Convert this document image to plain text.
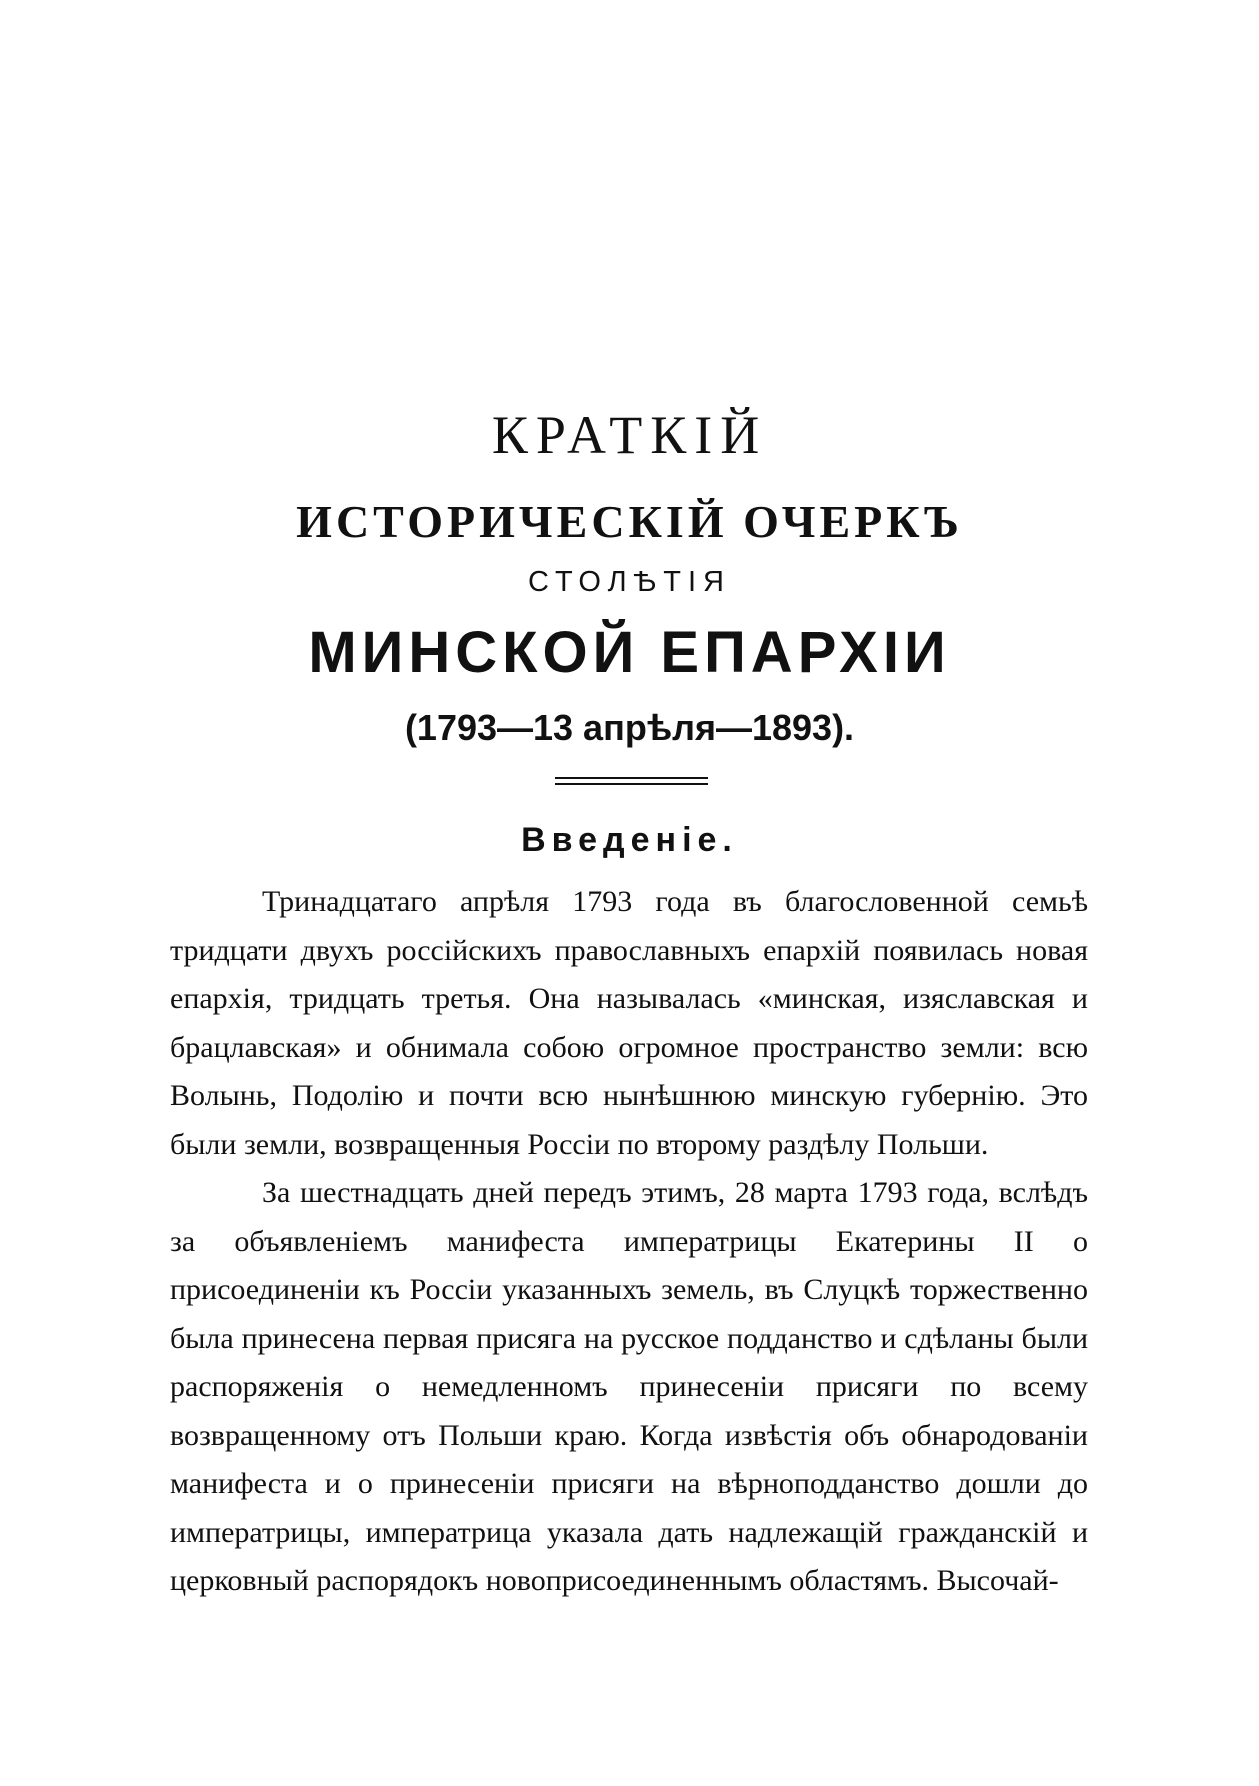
КРАТКІЙ
ИСТОРИЧЕСКІЙ ОЧЕРКЪ
СТОЛѢТІЯ
МИНСКОЙ ЕПАРХІИ
(1793—13 апрѣля—1893).
Введеніе.

Тринадцатаго апрѣля 1793 года въ благословенной семьѣ тридцати двухъ россійскихъ православныхъ епархій появилась новая епархія, тридцать третья. Она называлась «минская, изяславская и брацлавская» и обнимала собою огромное пространство земли: всю Волынь, Подолію и почти всю нынѣшнюю минскую губернію. Это были земли, возвращенныя Россіи по второму раздѣлу Польши.

За шестнадцать дней передъ этимъ, 28 марта 1793 года, вслѣдъ за объявленіемъ манифеста императрицы Екатерины II о присоединеніи къ Россіи указанныхъ земель, въ Слуцкѣ торжественно была принесена первая присяга на русское подданство и сдѣланы были распоряженія о немедленномъ принесеніи присяги по всему возвращенному отъ Польши краю. Когда извѣстія объ обнародованіи манифеста и о принесеніи присяги на вѣрноподданство дошли до императрицы, императрица указала дать надлежащій гражданскій и церковный распорядокъ новоприсоединеннымъ областямъ. Высочай-
